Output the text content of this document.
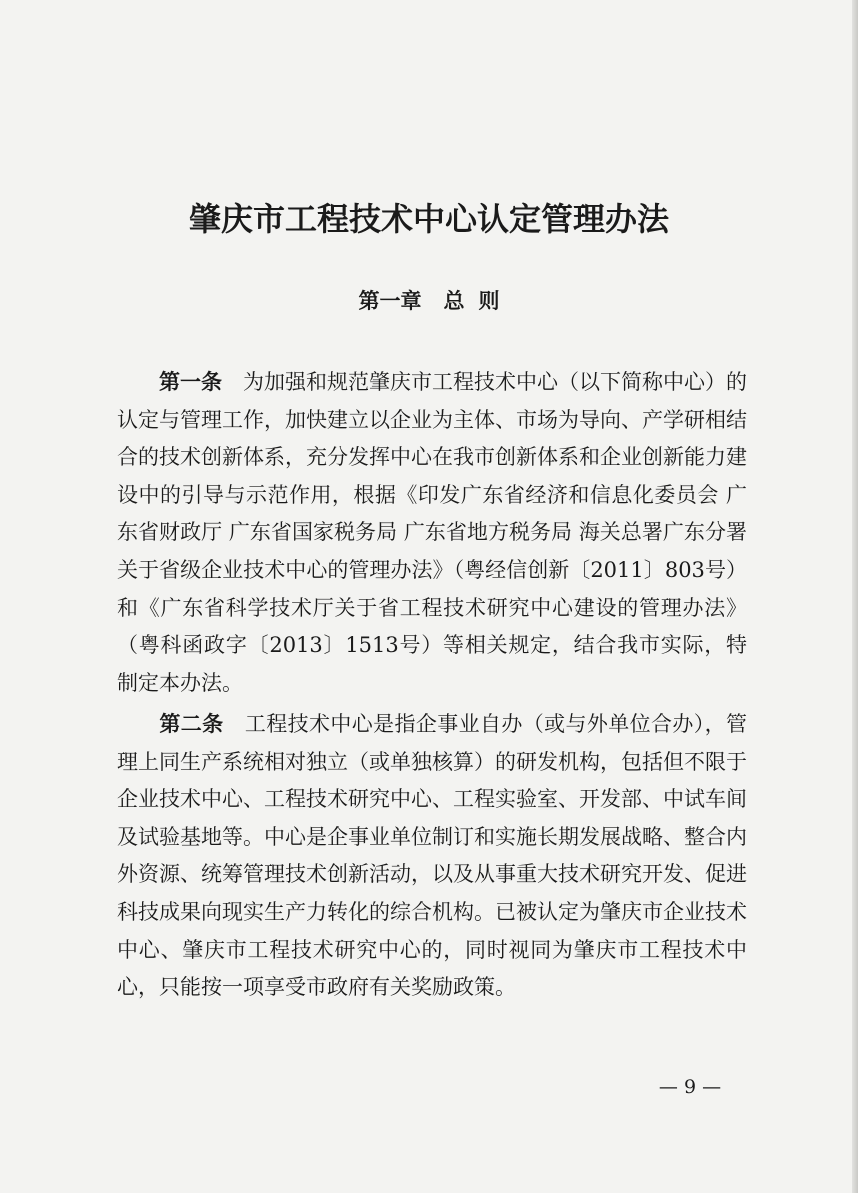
肇庆市工程技术中心认定管理办法
第一章 总 则

第一条　 为加强和规范肇庆市工程技术中心（以下简称中心）的认定与管理工作，加快建立以企业为主体、市场为导向、产学研相结合的技术创新体系，充分发挥中心在我市创新体系和企业创新能力建设中的引导与示范作用，根据《印发广东省经济和信息化委员会 广东省财政厅 广东省国家税务局 广东省地方税务局 海关总署广东分署关于省级企业技术中心的管理办法》（粤经信创新〔2011〕803号）和《广东省科学技术厅关于省工程技术研究中心建设的管理办法》（粤科函政字〔2013〕1513号）等相关规定，结合我市实际，特制定本办法。

第二条　 工程技术中心是指企事业自办（或与外单位合办），管理上同生产系统相对独立（或单独核算）的研发机构，包括但不限于企业技术中心、工程技术研究中心、工程实验室、开发部、中试车间及试验基地等。中心是企事业单位制订和实施长期发展战略、整合内外资源、统筹管理技术创新活动，以及从事重大技术研究开发、促进科技成果向现实生产力转化的综合机构。已被认定为肇庆市企业技术中心、肇庆市工程技术研究中心的，同时视同为肇庆市工程技术中心，只能按一项享受市政府有关奖励政策。

— 9 —
